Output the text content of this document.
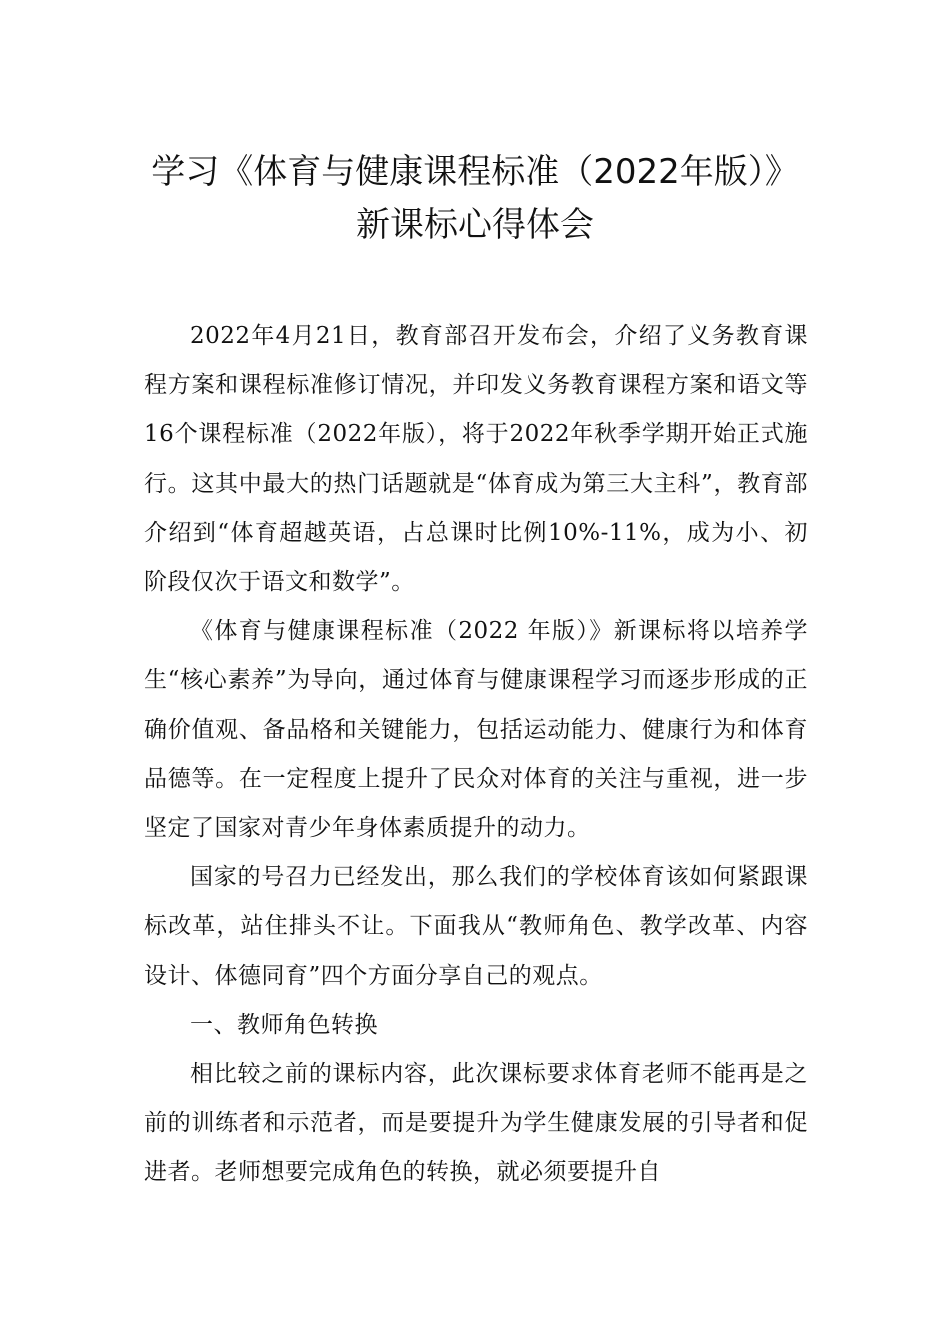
学习《体育与健康课程标准（2022年版）》
新课标心得体会

2022年4月21日，教育部召开发布会，介绍了义务教育课程方案和课程标准修订情况，并印发义务教育课程方案和语文等16个课程标准（2022年版），将于2022年秋季学期开始正式施行。这其中最大的热门话题就是“体育成为第三大主科”，教育部介绍到“体育超越英语，占总课时比例10%-11%，成为小、初阶段仅次于语文和数学”。

《体育与健康课程标准（2022 年版）》新课标将以培养学生“核心素养”为导向，通过体育与健康课程学习而逐步形成的正确价值观、备品格和关键能力，包括运动能力、健康行为和体育品德等。在一定程度上提升了民众对体育的关注与重视，进一步坚定了国家对青少年身体素质提升的动力。

国家的号召力已经发出，那么我们的学校体育该如何紧跟课标改革，站住排头不让。下面我从“教师角色、教学改革、内容设计、体德同育”四个方面分享自己的观点。

一、教师角色转换

相比较之前的课标内容，此次课标要求体育老师不能再是之前的训练者和示范者，而是要提升为学生健康发展的引导者和促进者。老师想要完成角色的转换，就必须要提升自
